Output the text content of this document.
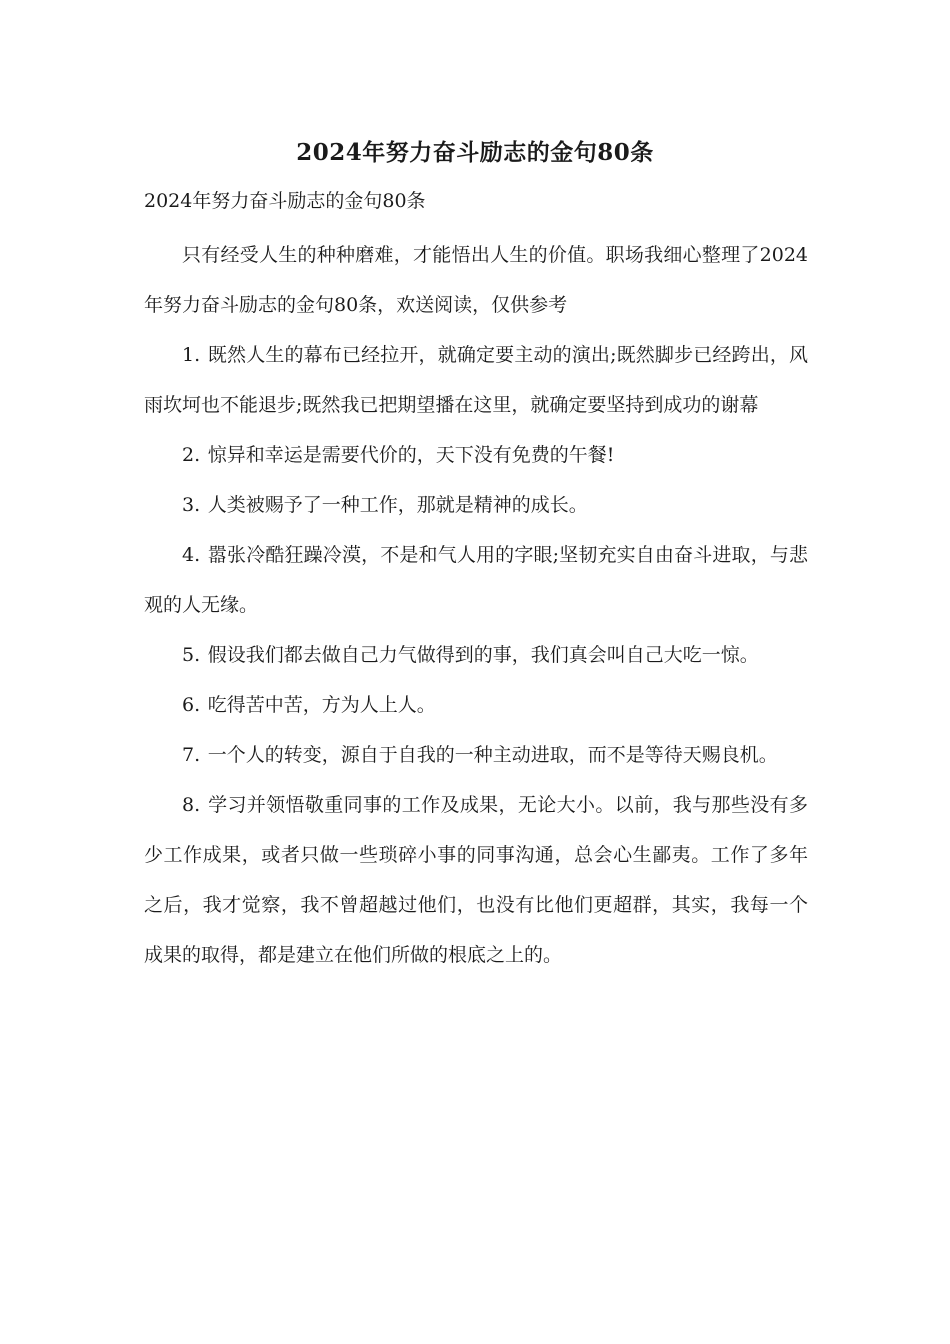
2024年努力奋斗励志的金句80条
2024年努力奋斗励志的金句80条

只有经受人生的种种磨难，才能悟出人生的价值。职场我细心整理了2024年努力奋斗励志的金句80条，欢送阅读，仅供参考

1. 既然人生的幕布已经拉开，就确定要主动的演出;既然脚步已经跨出，风雨坎坷也不能退步;既然我已把期望播在这里，就确定要坚持到成功的谢幕

2. 惊异和幸运是需要代价的，天下没有免费的午餐!

3. 人类被赐予了一种工作，那就是精神的成长。

4. 嚣张冷酷狂躁冷漠，不是和气人用的字眼;坚韧充实自由奋斗进取，与悲观的人无缘。

5. 假设我们都去做自己力气做得到的事，我们真会叫自己大吃一惊。

6. 吃得苦中苦，方为人上人。

7. 一个人的转变，源自于自我的一种主动进取，而不是等待天赐良机。

8. 学习并领悟敬重同事的工作及成果，无论大小。以前，我与那些没有多少工作成果，或者只做一些琐碎小事的同事沟通，总会心生鄙夷。工作了多年之后，我才觉察，我不曾超越过他们，也没有比他们更超群，其实，我每一个成果的取得，都是建立在他们所做的根底之上的。
